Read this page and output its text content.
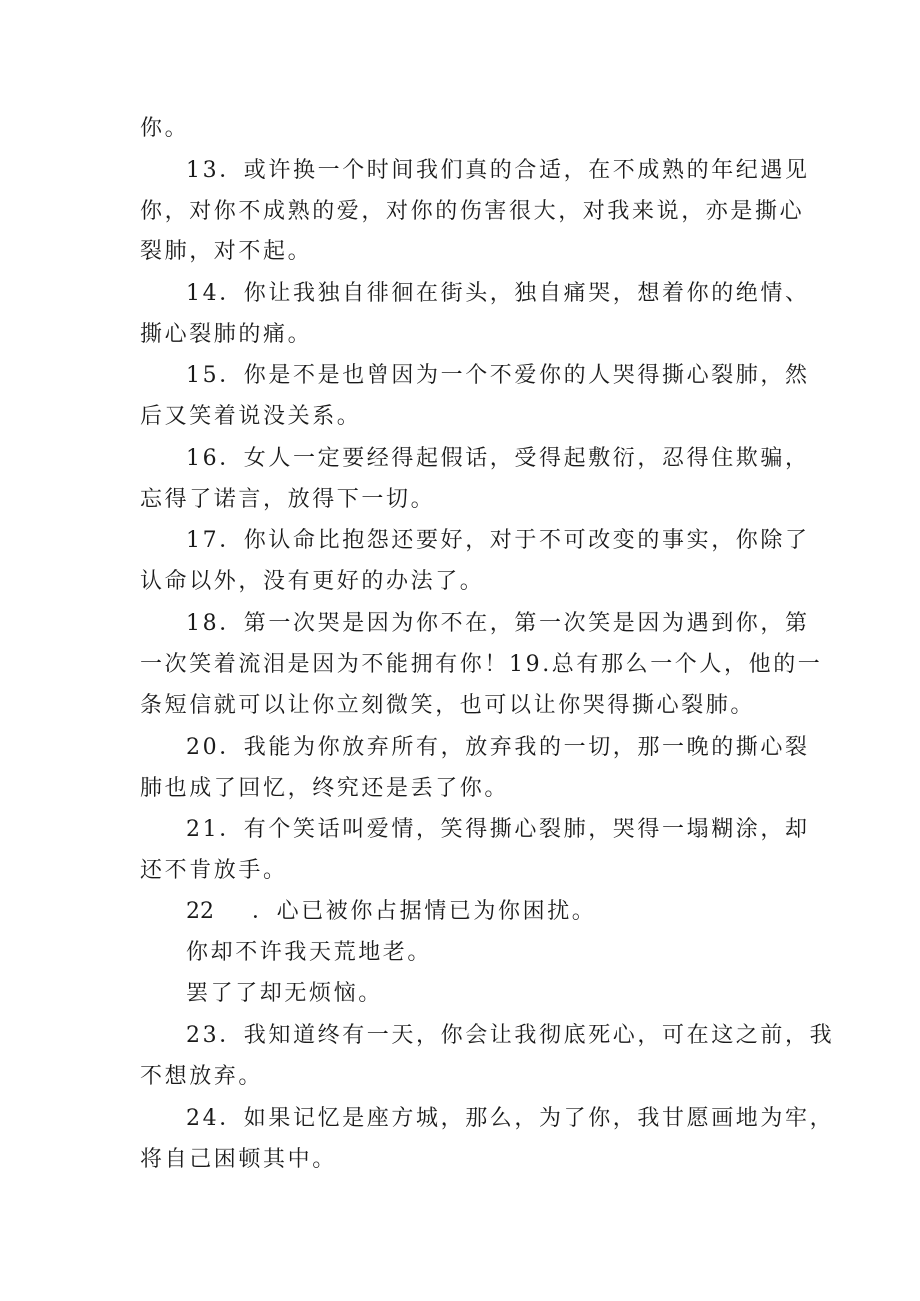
你。
13．或许换一个时间我们真的合适，在不成熟的年纪遇见
你，对你不成熟的爱，对你的伤害很大，对我来说，亦是撕心
裂肺，对不起。
14．你让我独自徘徊在街头，独自痛哭，想着你的绝情、
撕心裂肺的痛。
15．你是不是也曾因为一个不爱你的人哭得撕心裂肺，然
后又笑着说没关系。
16．女人一定要经得起假话，受得起敷衍，忍得住欺骗，
忘得了诺言，放得下一切。
17．你认命比抱怨还要好，对于不可改变的事实，你除了
认命以外，没有更好的办法了。
18．第一次哭是因为你不在，第一次笑是因为遇到你，第
一次笑着流泪是因为不能拥有你！19.总有那么一个人，他的一
条短信就可以让你立刻微笑，也可以让你哭得撕心裂肺。
20．我能为你放弃所有，放弃我的一切，那一晚的撕心裂
肺也成了回忆，终究还是丢了你。
21．有个笑话叫爱情，笑得撕心裂肺，哭得一塌糊涂，却
还不肯放手。
22 ．心已被你占据情已为你困扰。
你却不许我天荒地老。
罢了了却无烦恼。
23．我知道终有一天，你会让我彻底死心，可在这之前，我
不想放弃。
24．如果记忆是座方城，那么，为了你，我甘愿画地为牢，
将自己困顿其中。
